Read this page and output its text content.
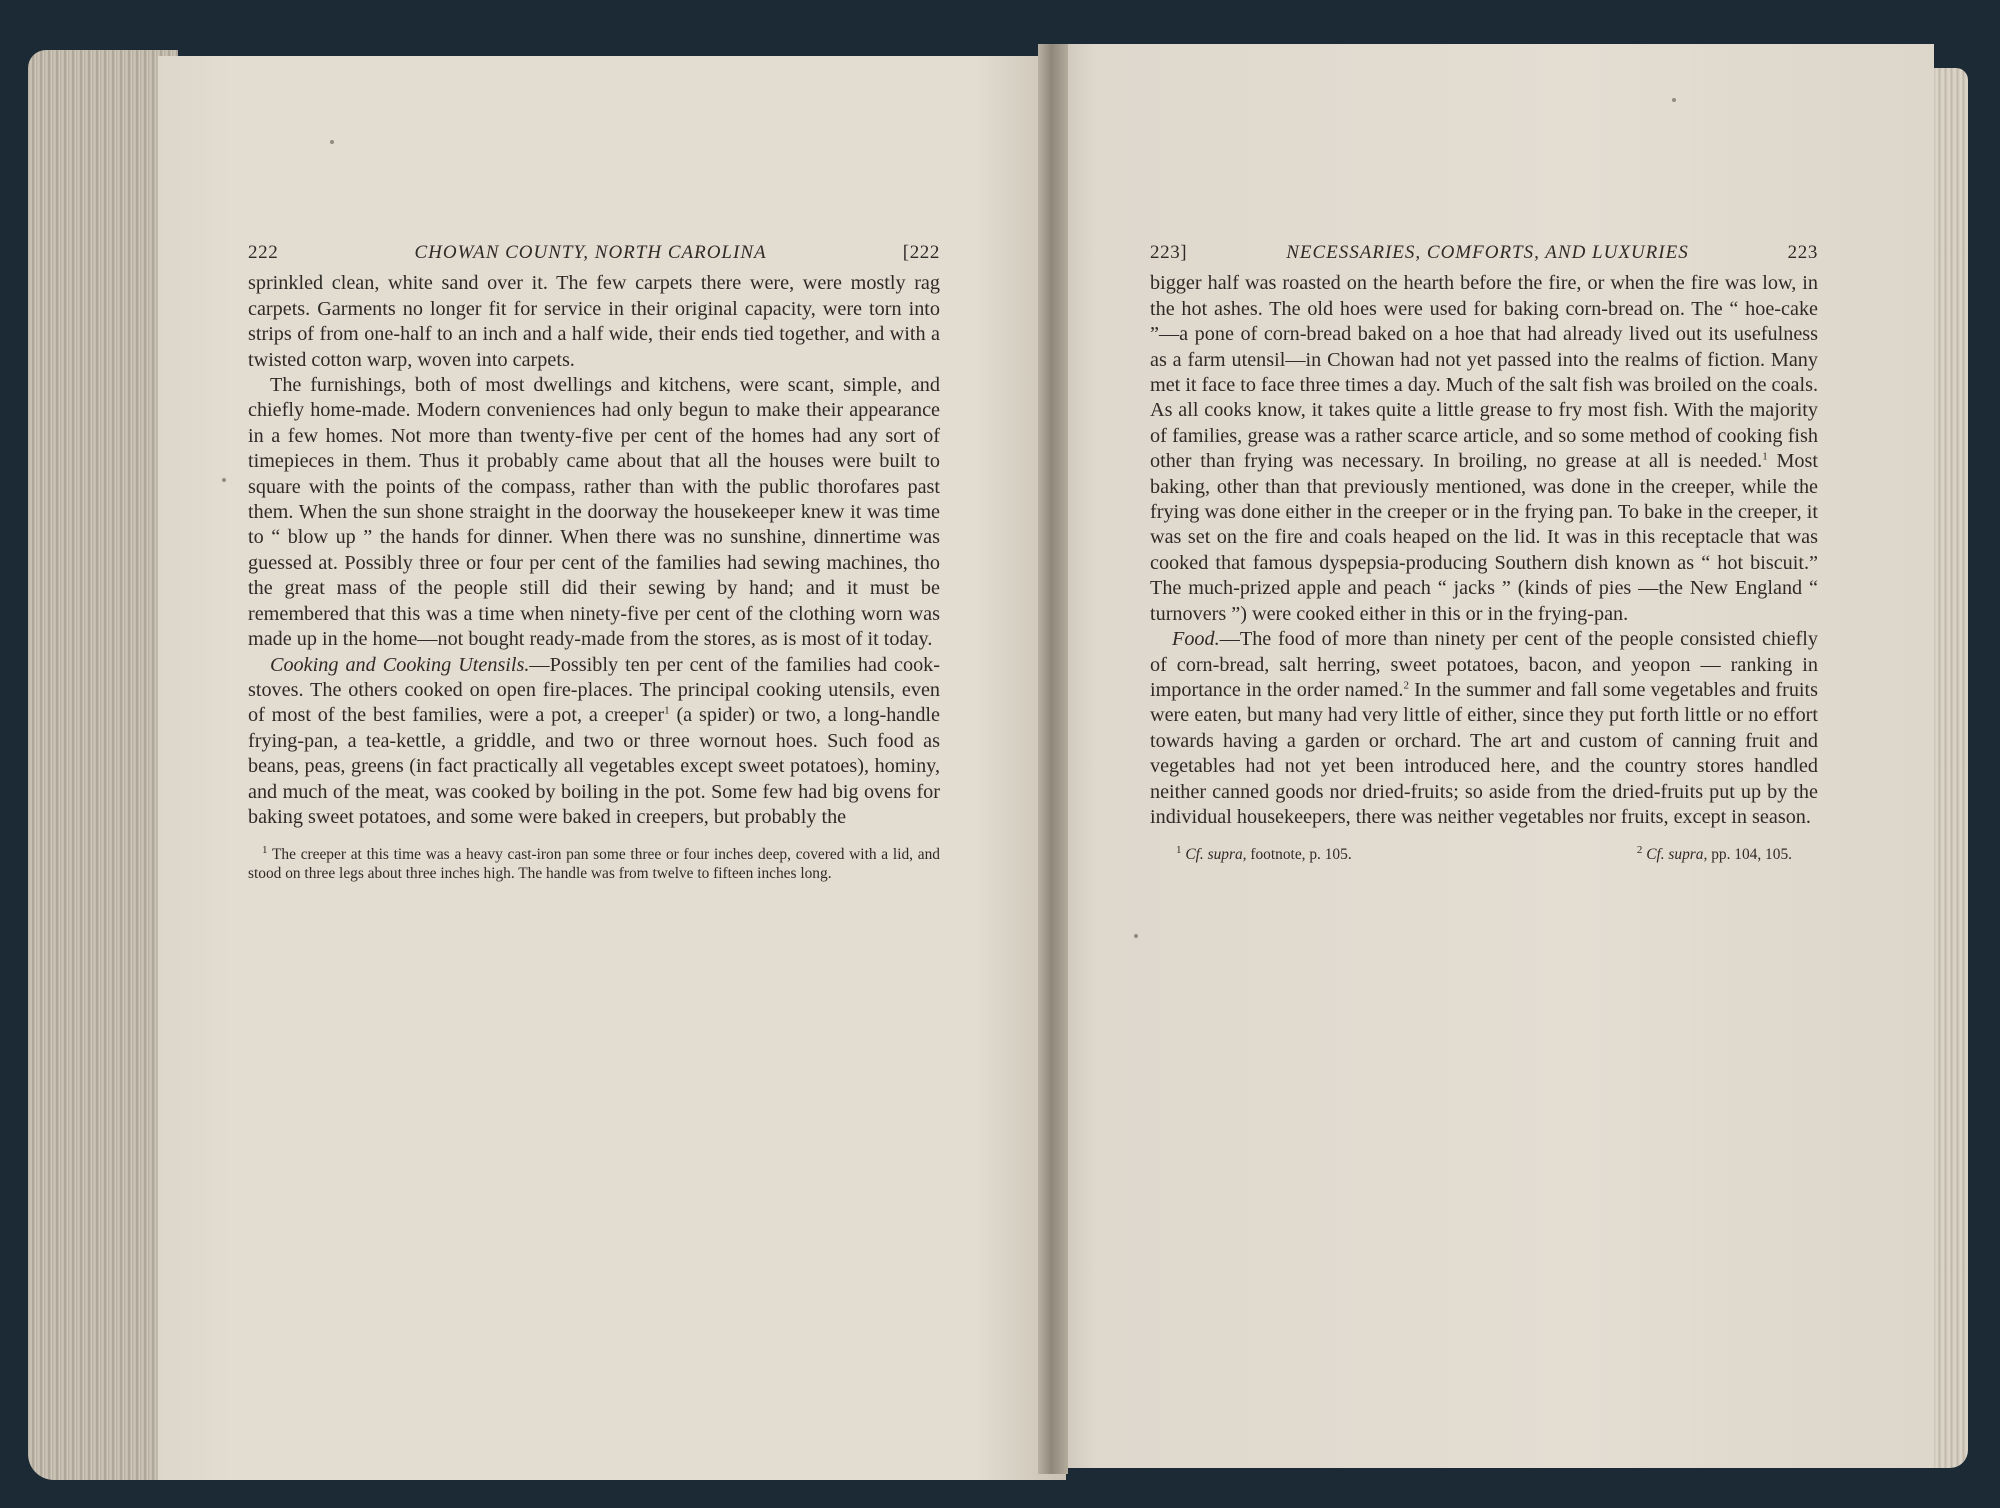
222	CHOWAN COUNTY, NORTH CAROLINA	[222

sprinkled clean, white sand over it. The few carpets there were, were mostly rag carpets. Garments no longer fit for service in their original capacity, were torn into strips of from one-half to an inch and a half wide, their ends tied together, and with a twisted cotton warp, woven into carpets.

The furnishings, both of most dwellings and kitchens, were scant, simple, and chiefly home-made. Modern conveniences had only begun to make their appearance in a few homes. Not more than twenty-five per cent of the homes had any sort of timepieces in them. Thus it probably came about that all the houses were built to square with the points of the compass, rather than with the public thorofares past them. When the sun shone straight in the doorway the housekeeper knew it was time to “ blow up ” the hands for dinner. When there was no sunshine, dinnertime was guessed at. Possibly three or four per cent of the families had sewing machines, tho the great mass of the people still did their sewing by hand; and it must be remembered that this was a time when ninety-five per cent of the clothing worn was made up in the home—not bought ready-made from the stores, as is most of it today.

Cooking and Cooking Utensils.—Possibly ten per cent of the families had cook-stoves. The others cooked on open fire-places. The principal cooking utensils, even of most of the best families, were a pot, a creeper$^1$ (a spider) or two, a long-handle frying-pan, a tea-kettle, a griddle, and two or three wornout hoes. Such food as beans, peas, greens (in fact practically all vegetables except sweet potatoes), hominy, and much of the meat, was cooked by boiling in the pot. Some few had big ovens for baking sweet potatoes, and some were baked in creepers, but probably the

$^1$ The creeper at this time was a heavy cast-iron pan some three or four inches deep, covered with a lid, and stood on three legs about three inches high. The handle was from twelve to fifteen inches long.

223]	NECESSARIES, COMFORTS, AND LUXURIES	223

bigger half was roasted on the hearth before the fire, or when the fire was low, in the hot ashes. The old hoes were used for baking corn-bread on. The “ hoe-cake ”—a pone of corn-bread baked on a hoe that had already lived out its usefulness as a farm utensil—in Chowan had not yet passed into the realms of fiction. Many met it face to face three times a day. Much of the salt fish was broiled on the coals. As all cooks know, it takes quite a little grease to fry most fish. With the majority of families, grease was a rather scarce article, and so some method of cooking fish other than frying was necessary. In broiling, no grease at all is needed.$^1$ Most baking, other than that previously mentioned, was done in the creeper, while the frying was done either in the creeper or in the frying pan. To bake in the creeper, it was set on the fire and coals heaped on the lid. It was in this receptacle that was cooked that famous dyspepsia-producing Southern dish known as “ hot biscuit.” The much-prized apple and peach “ jacks ” (kinds of pies —the New England “ turnovers ”) were cooked either in this or in the frying-pan.

Food.—The food of more than ninety per cent of the people consisted chiefly of corn-bread, salt herring, sweet potatoes, bacon, and yeopon — ranking in importance in the order named.$^2$ In the summer and fall some vegetables and fruits were eaten, but many had very little of either, since they put forth little or no effort towards having a garden or orchard. The art and custom of canning fruit and vegetables had not yet been introduced here, and the country stores handled neither canned goods nor dried-fruits; so aside from the dried-fruits put up by the individual housekeepers, there was neither vegetables nor fruits, except in season.

$^1$ Cf. supra, footnote, p. 105.	$^2$ Cf. supra, pp. 104, 105.
